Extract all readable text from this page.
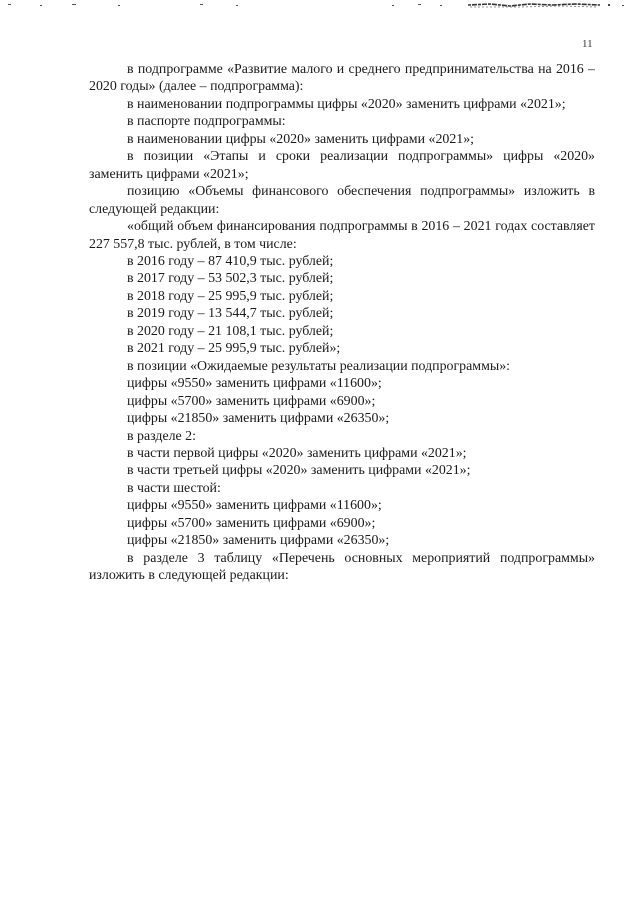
11

в подпрограмме «Развитие малого и среднего предпринимательства на 2016 – 2020 годы» (далее – подпрограмма):

в наименовании подпрограммы цифры «2020» заменить цифрами «2021»;

в паспорте подпрограммы:

в наименовании цифры «2020» заменить цифрами «2021»;

в позиции «Этапы и сроки реализации подпрограммы» цифры «2020» заменить цифрами «2021»;

позицию «Объемы финансового обеспечения подпрограммы» изложить в следующей редакции:

«общий объем финансирования подпрограммы в 2016 – 2021 годах составляет 227 557,8 тыс. рублей, в том числе:

в 2016 году – 87 410,9 тыс. рублей;

в 2017 году – 53 502,3 тыс. рублей;

в 2018 году – 25 995,9 тыс. рублей;

в 2019 году – 13 544,7 тыс. рублей;

в 2020 году – 21 108,1 тыс. рублей;

в 2021 году – 25 995,9 тыс. рублей»;

в позиции «Ожидаемые результаты реализации подпрограммы»:

цифры «9550» заменить цифрами «11600»;

цифры «5700» заменить цифрами «6900»;

цифры «21850» заменить цифрами «26350»;

в разделе 2:

в части первой цифры «2020» заменить цифрами «2021»;

в части третьей цифры «2020» заменить цифрами «2021»;

в части шестой:

цифры «9550» заменить цифрами «11600»;

цифры «5700» заменить цифрами «6900»;

цифры «21850» заменить цифрами «26350»;

в разделе 3 таблицу «Перечень основных мероприятий подпрограммы» изложить в следующей редакции:
